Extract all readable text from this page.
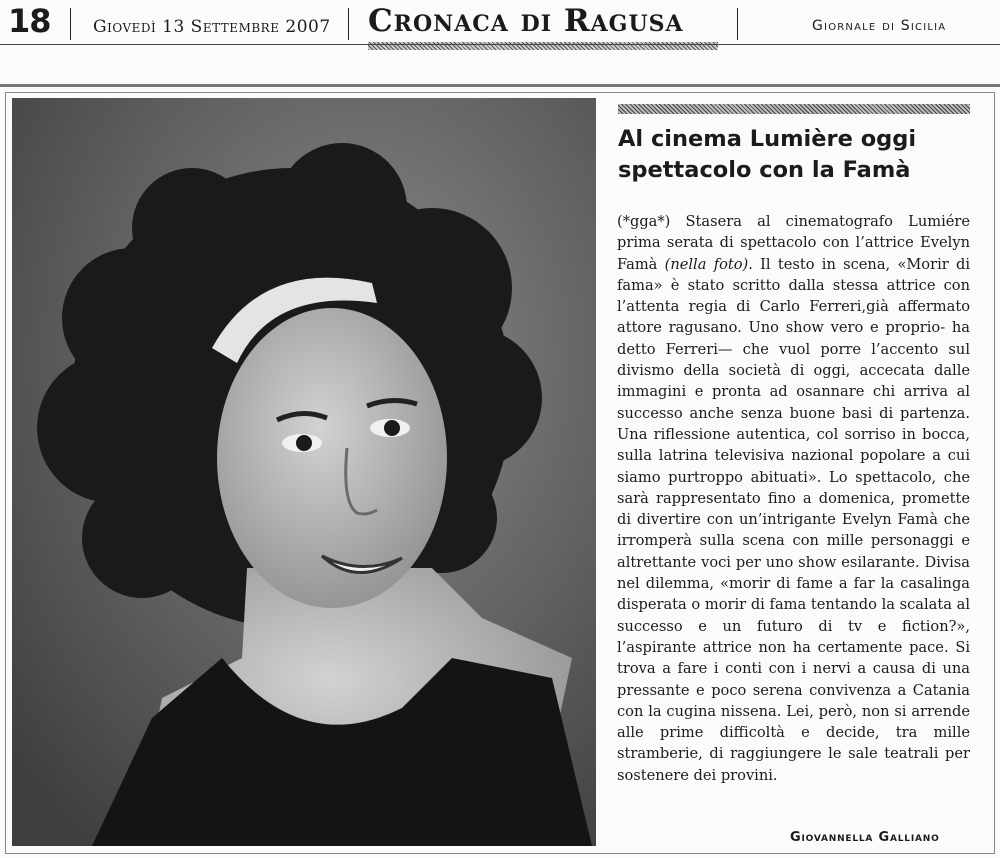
18 Giovedì 13 Settembre 2007 Cronaca di Ragusa	Giornale di Sicilia
Al cinema Lumière oggi spettacolo con la Famà
(*gga*) Stasera al cinematografo Lumiére prima serata di spettacolo con l’attrice Evelyn Famà (nella foto). Il testo in scena, «Morir di fama» è stato scritto dalla stessa attrice con l’attenta regia di Carlo Ferreri,già affermato attore ragusano. Uno show vero e proprio- ha detto Ferreri— che vuol porre l’accento sul divismo della società di oggi, accecata dalle immagini e pronta ad osannare chi arriva al successo anche senza buone basi di partenza. Una riflessione autentica, col sorriso in bocca, sulla latrina televisiva nazional popolare a cui siamo purtroppo abituati». Lo spettacolo, che sarà rappresentato fino a domenica, promette di divertire con un’intrigante Evelyn Famà che irromperà sulla scena con mille personaggi e altrettante voci per uno show esilarante. Divisa nel dilemma, «morir di fame a far la casalinga disperata o morir di fama tentando la scalata al successo e un futuro di tv e fiction?», l’aspirante attrice non ha certamente pace. Si trova a fare i conti con i nervi a causa di una pressante e poco serena convivenza a Catania con la cugina nissena. Lei, però, non si arrende alle prime difficoltà e decide, tra mille stramberie, di raggiungere le sale teatrali per sostenere dei provini.
Giovannella Galliano
